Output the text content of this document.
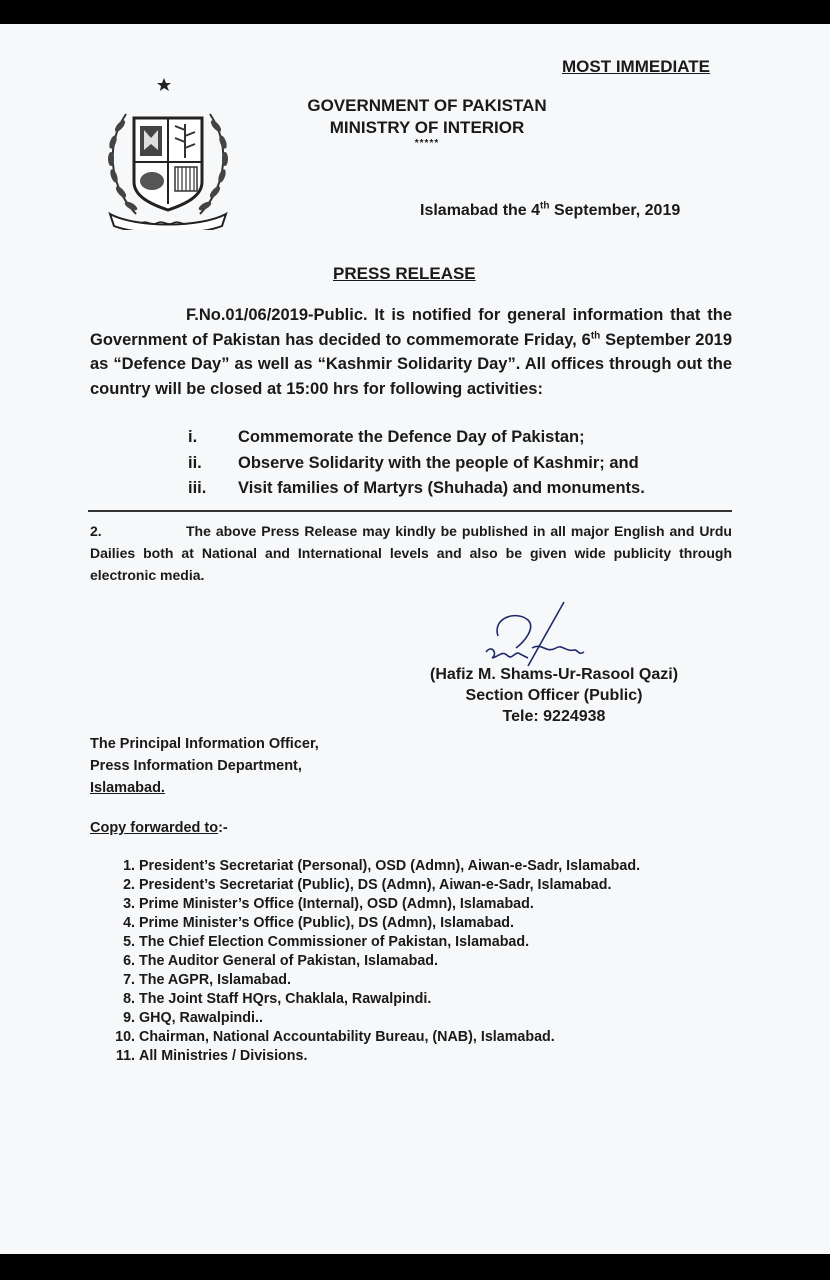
MOST IMMEDIATE
GOVERNMENT OF PAKISTAN
MINISTRY OF INTERIOR
*****
Islamabad the 4th September, 2019
PRESS RELEASE
F.No.01/06/2019-Public. It is notified for general information that the Government of Pakistan has decided to commemorate Friday, 6th September 2019 as “Defence Day” as well as “Kashmir Solidarity Day”. All offices through out the country will be closed at 15:00 hrs for following activities:
i. Commemorate the Defence Day of Pakistan;
ii. Observe Solidarity with the people of Kashmir; and
iii. Visit families of Martyrs (Shuhada) and monuments.
2.	The above Press Release may kindly be published in all major English and Urdu Dailies both at National and International levels and also be given wide publicity through electronic media.
(Hafiz M. Shams-Ur-Rasool Qazi)
Section Officer (Public)
Tele: 9224938
The Principal Information Officer,
Press Information Department,
Islamabad.
Copy forwarded to:-
1. President’s Secretariat (Personal), OSD (Admn), Aiwan-e-Sadr, Islamabad.
2. President’s Secretariat (Public), DS (Admn), Aiwan-e-Sadr, Islamabad.
3. Prime Minister’s Office (Internal), OSD (Admn), Islamabad.
4. Prime Minister’s Office (Public), DS (Admn), Islamabad.
5. The Chief Election Commissioner of Pakistan, Islamabad.
6. The Auditor General of Pakistan, Islamabad.
7. The AGPR, Islamabad.
8. The Joint Staff HQrs, Chaklala, Rawalpindi.
9. GHQ, Rawalpindi..
10. Chairman, National Accountability Bureau, (NAB), Islamabad.
11. All Ministries / Divisions.
